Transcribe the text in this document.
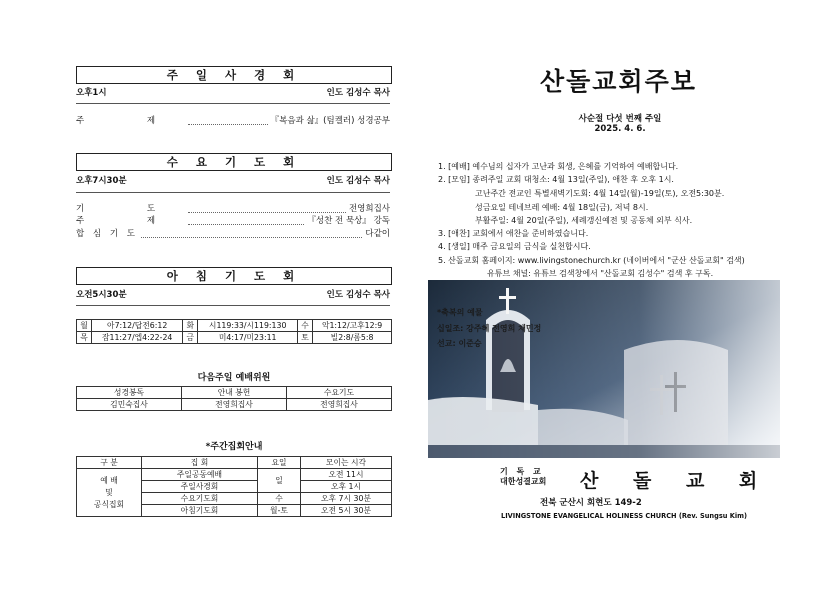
주 일 사 경 회
오후1시	인도 김성수 목사
주 제	『복음과 삶』(팀켈러) 성경공부
수 요 기 도 회
오후7시30분	인도 김성수 목사
기 도	전영희집사
주 제	『성찬 전 묵상』 강독
합 심 기 도	다같이
아 침 기 도 회
오전5시30분	인도 김성수 목사
월	아7:12/답전6:12	화	시119:33/시119:130	수	악1:12/고후12:9
목	잠11:27/엡4:22-24	금	미4:17/미23:11	토	빌2:8/롬5:8
다음주일 예배위원
성경봉독	안내 봉헌	수요기도
김민숙집사	전영희집사	전영희집사
*주간집회안내
구 분	집 회	요일	모이는 시각

예 배
및
공식집회	주일공동예배	일	오전 11시
	주일사경회		오후 1시
	수요기도회	수	오후 7시 30분
	아침기도회	월-토	오전 5시 30분
산돌교회주보
사순절 다섯 번째 주일
2025. 4. 6.
1. [예배] 예수님의 십자가 고난과 회생, 은혜를 기억하여 예배합니다.
2. [모임] 종려주일 교회 대청소: 4월 13일(주일), 애찬 후 오후 1시.
고난주간 전교인 특별새벽기도회: 4월 14일(월)-19일(토), 오전5:30분.
성금요일 테네브레 예배: 4월 18일(금), 저녁 8시.
부활주일: 4월 20일(주일), 세례갱신예전 및 공동체 외부 식사.
3. [애찬] 교회에서 애찬을 준비하였습니다.
4. [생일] 매주 금요일의 금식을 실천합시다.
5. 산돌교회 홈페이지: www.livingstonechurch.kr (네이버에서 "군산 산돌교회" 검색)
유튜브 채널: 유튜브 검색창에서 "산돌교회 김성수" 검색 후 구독.
*축복의 예물
십일조: 강주혜 전영희 채민정
선교: 이준승
기 독 교
대한성결교회 산 돌 교 회
전북 군산시 회현도 149-2
LIVINGSTONE EVANGELICAL HOLINESS CHURCH (Rev. Sungsu Kim)
